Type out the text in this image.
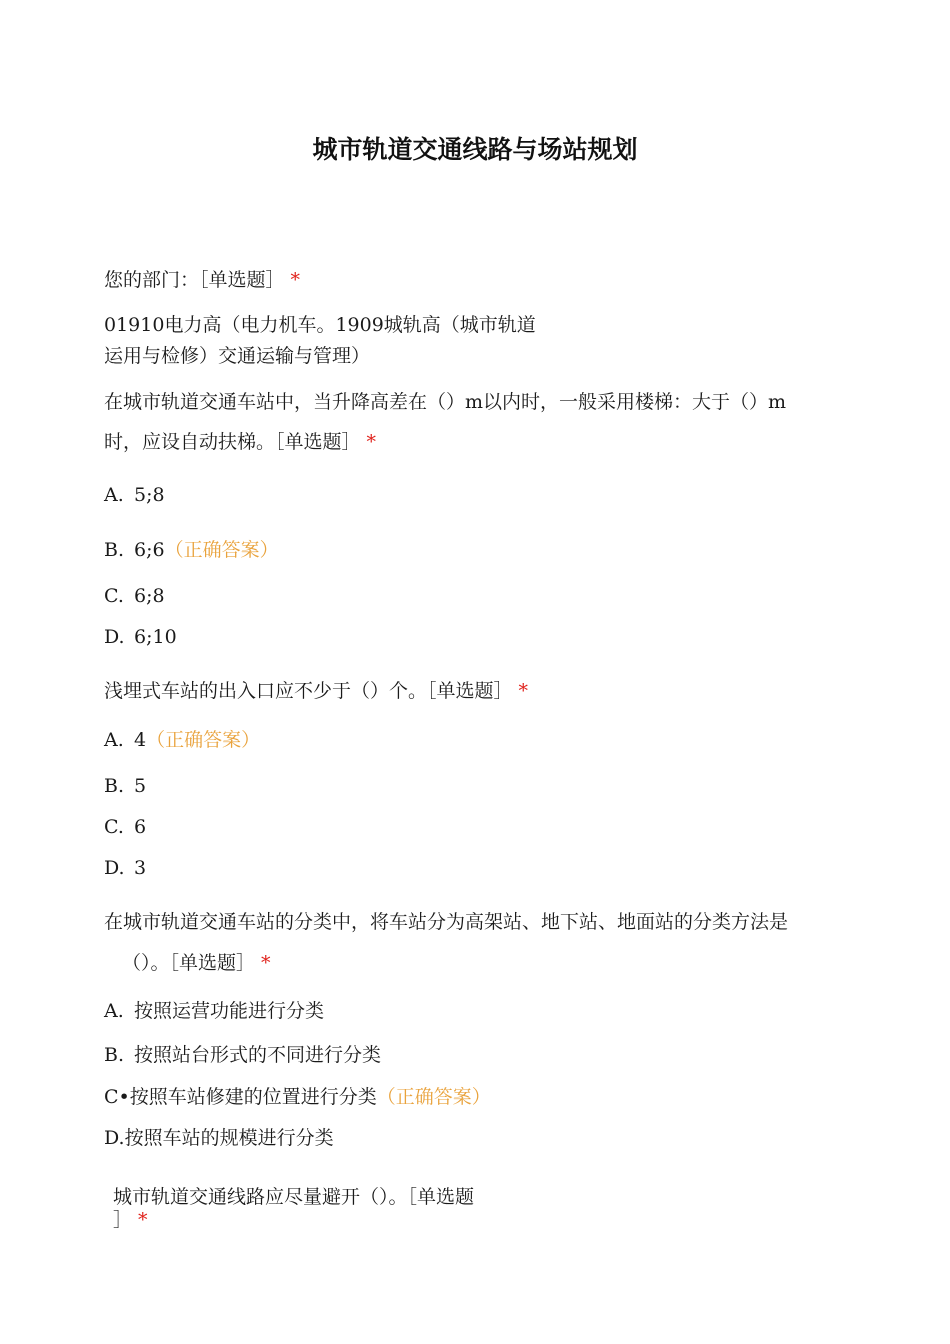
城市轨道交通线路与场站规划
您的部门：［单选题］ *
01910电力高（电力机车。1909城轨高（城市轨道
运用与检修）交通运输与管理）
在城市轨道交通车站中，当升降高差在（）m以内时，一般采用楼梯：大于（）m
时，应设自动扶梯。［单选题］ *
A. 5;8
B. 6;6（正确答案）
C. 6;8
D. 6;10
浅埋式车站的出入口应不少于（）个。［单选题］ *
A. 4（正确答案）
B. 5
C. 6
D. 3
在城市轨道交通车站的分类中，将车站分为高架站、地下站、地面站的分类方法是
（）。［单选题］ *
A. 按照运营功能进行分类
B. 按照站台形式的不同进行分类
C•按照车站修建的位置进行分类（正确答案）
D.按照车站的规模进行分类
城市轨道交通线路应尽量避开（）。［单选题
］ *
